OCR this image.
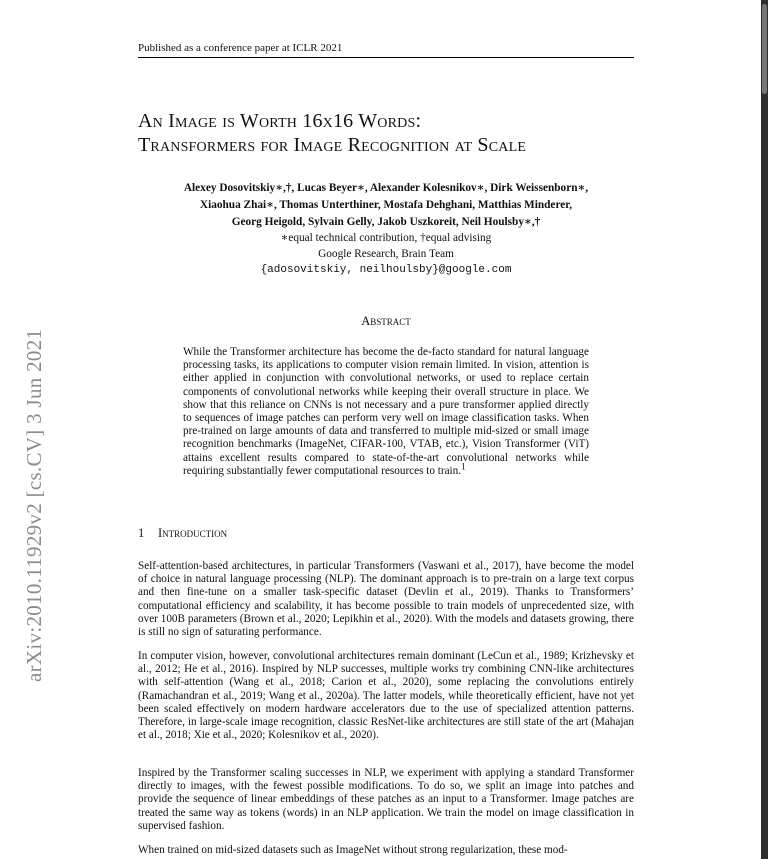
Published as a conference paper at ICLR 2021
An Image is Worth 16x16 Words:
Transformers for Image Recognition at Scale
Alexey Dosovitskiy∗,†, Lucas Beyer∗, Alexander Kolesnikov∗, Dirk Weissenborn∗,
Xiaohua Zhai∗, Thomas Unterthiner, Mostafa Dehghani, Matthias Minderer,
Georg Heigold, Sylvain Gelly, Jakob Uszkoreit, Neil Houlsby∗,†
∗equal technical contribution, †equal advising
Google Research, Brain Team
{adosovitskiy, neilhoulsby}@google.com
Abstract
While the Transformer architecture has become the de-facto standard for natural language processing tasks, its applications to computer vision remain limited. In vision, attention is either applied in conjunction with convolutional networks, or used to replace certain components of convolutional networks while keeping their overall structure in place. We show that this reliance on CNNs is not necessary and a pure transformer applied directly to sequences of image patches can perform very well on image classification tasks. When pre-trained on large amounts of data and transferred to multiple mid-sized or small image recognition benchmarks (ImageNet, CIFAR-100, VTAB, etc.), Vision Transformer (ViT) attains excellent results compared to state-of-the-art convolutional networks while requiring substantially fewer computational resources to train.$^1$
1 Introduction
Self-attention-based architectures, in particular Transformers (Vaswani et al., 2017), have become the model of choice in natural language processing (NLP). The dominant approach is to pre-train on a large text corpus and then fine-tune on a smaller task-specific dataset (Devlin et al., 2019). Thanks to Transformers’ computational efficiency and scalability, it has become possible to train models of unprecedented size, with over 100B parameters (Brown et al., 2020; Lepikhin et al., 2020). With the models and datasets growing, there is still no sign of saturating performance.
In computer vision, however, convolutional architectures remain dominant (LeCun et al., 1989; Krizhevsky et al., 2012; He et al., 2016). Inspired by NLP successes, multiple works try combining CNN-like architectures with self-attention (Wang et al., 2018; Carion et al., 2020), some replacing the convolutions entirely (Ramachandran et al., 2019; Wang et al., 2020a). The latter models, while theoretically efficient, have not yet been scaled effectively on modern hardware accelerators due to the use of specialized attention patterns. Therefore, in large-scale image recognition, classic ResNet-like architectures are still state of the art (Mahajan et al., 2018; Xie et al., 2020; Kolesnikov et al., 2020).
Inspired by the Transformer scaling successes in NLP, we experiment with applying a standard Transformer directly to images, with the fewest possible modifications. To do so, we split an image into patches and provide the sequence of linear embeddings of these patches as an input to a Transformer. Image patches are treated the same way as tokens (words) in an NLP application. We train the model on image classification in supervised fashion.
When trained on mid-sized datasets such as ImageNet without strong regularization, these mod-
arXiv:2010.11929v2 [cs.CV] 3 Jun 2021
